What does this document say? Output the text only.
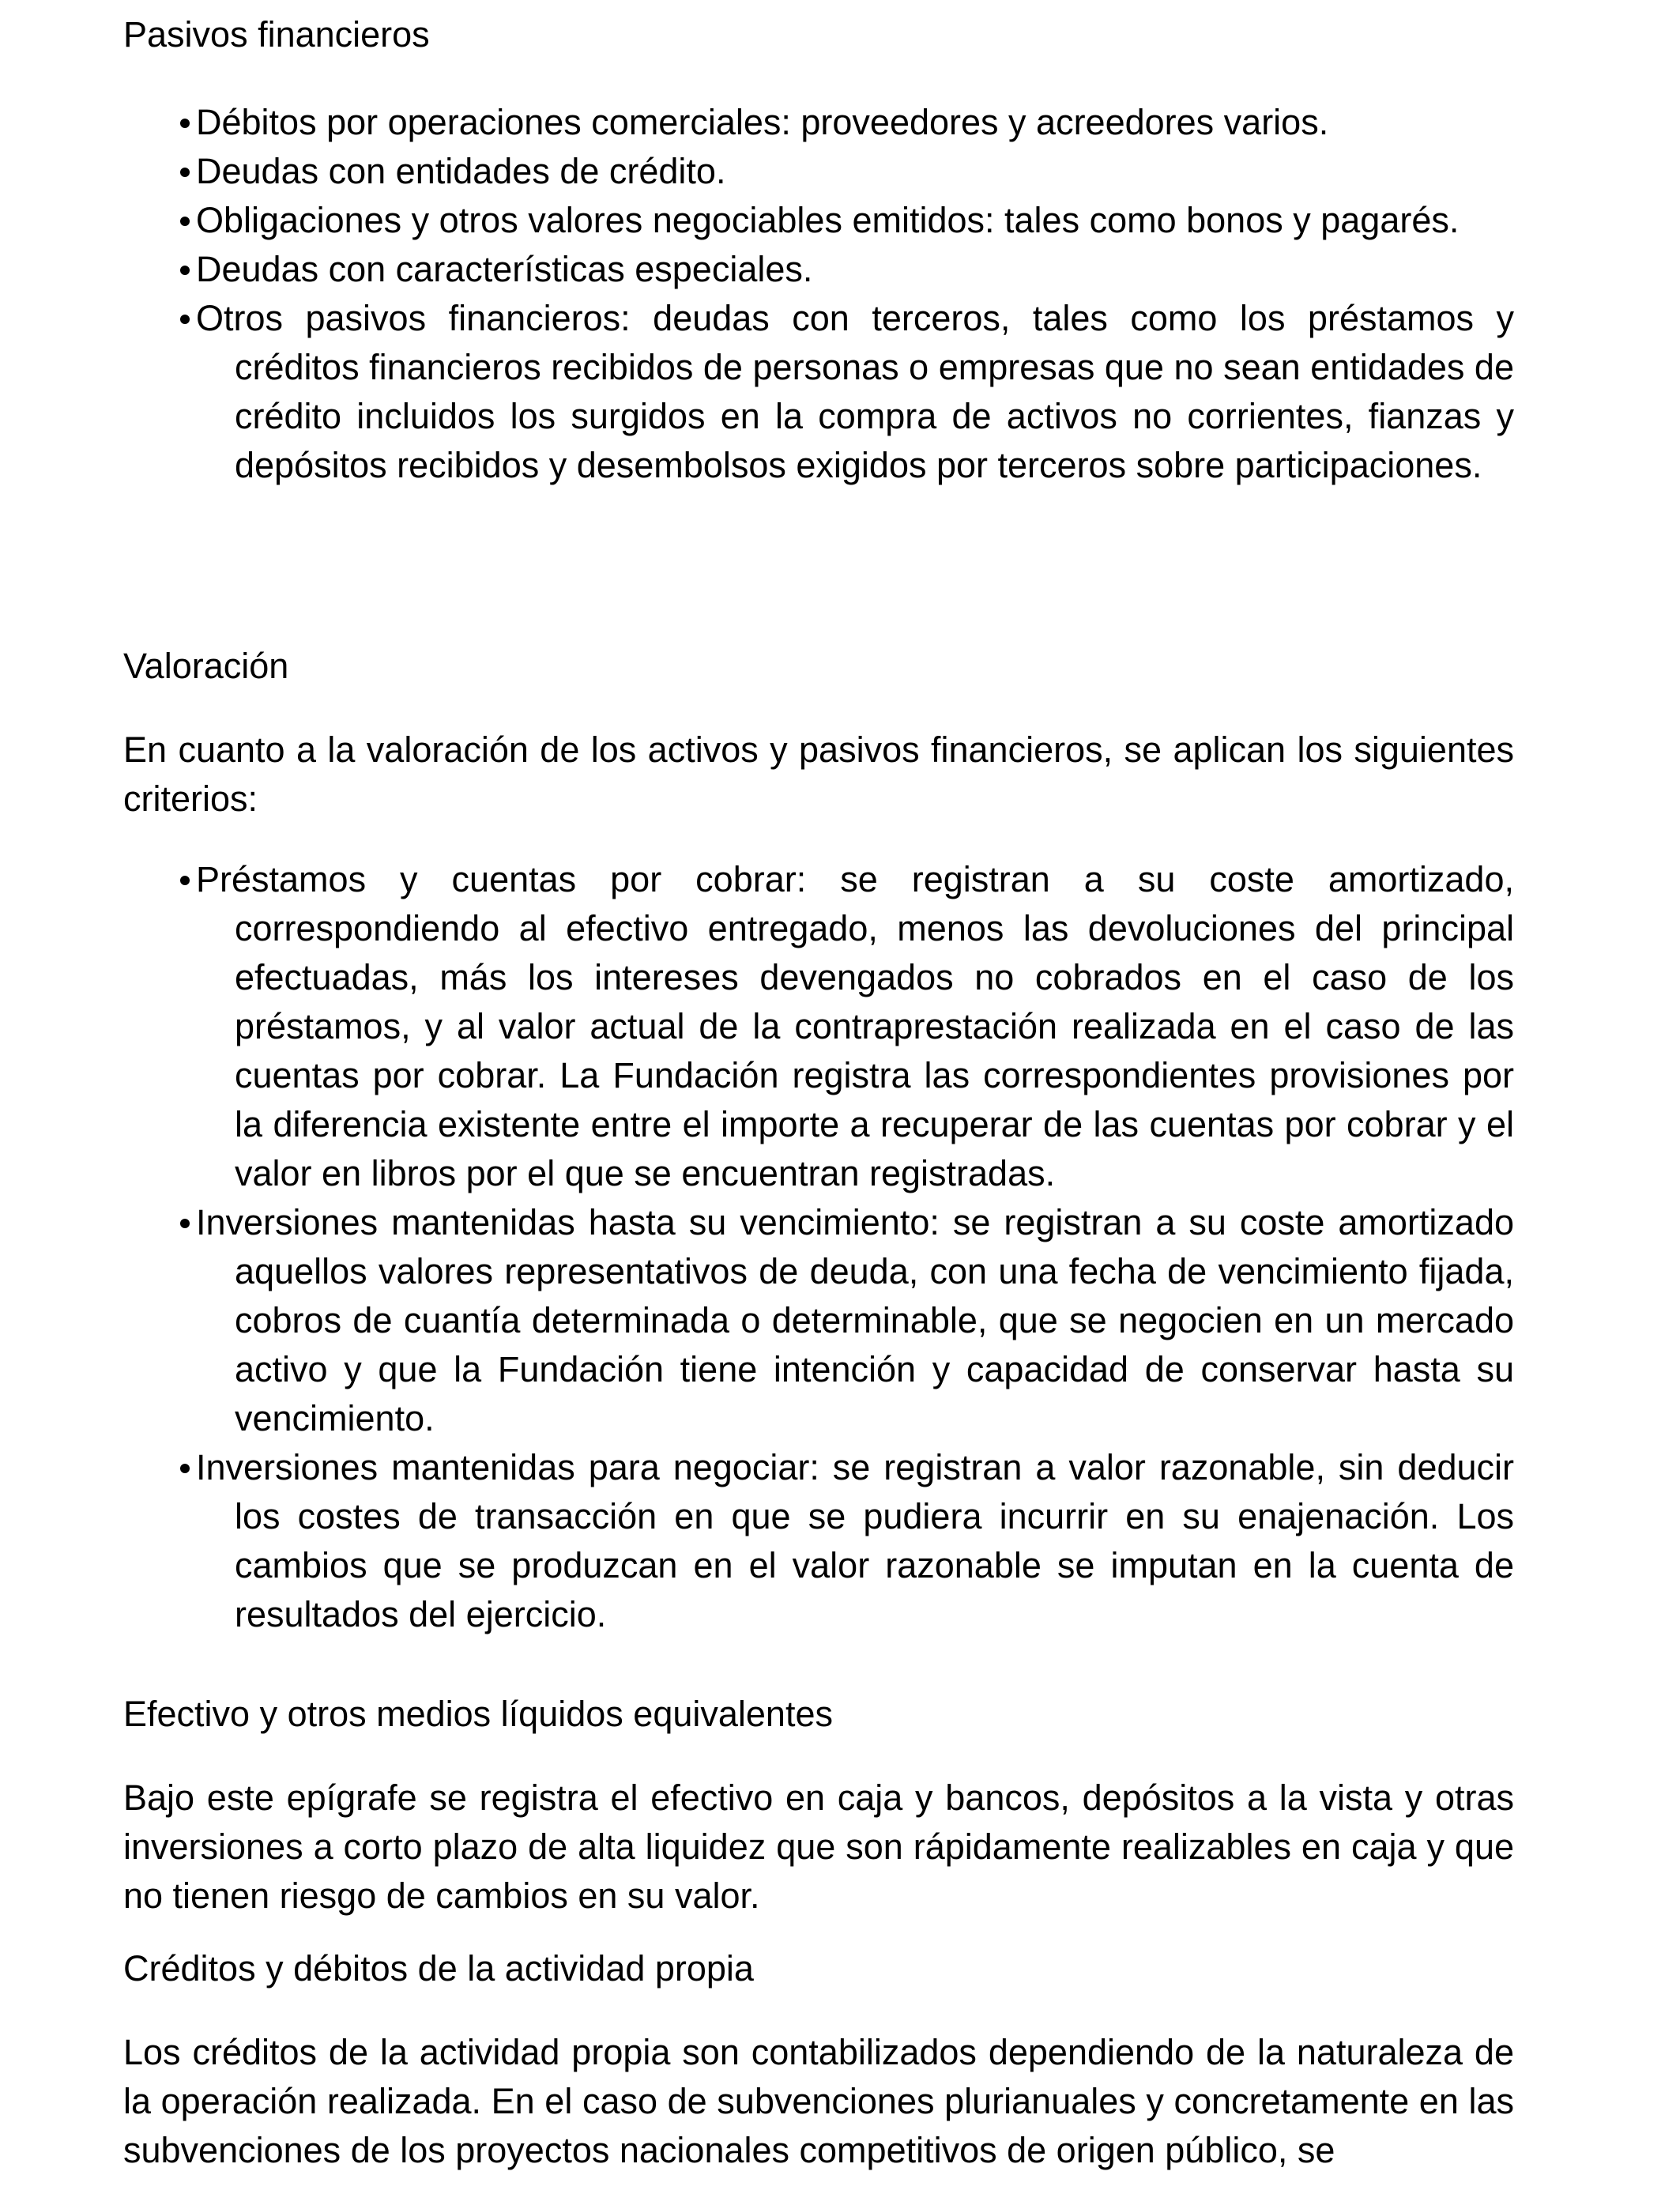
Pasivos financieros
Débitos por operaciones comerciales: proveedores y acreedores varios.
Deudas con entidades de crédito.
Obligaciones y otros valores negociables emitidos: tales como bonos y pagarés.
Deudas con características especiales.
Otros pasivos financieros: deudas con terceros, tales como los préstamos y créditos financieros recibidos de personas o empresas que no sean entidades de crédito incluidos los surgidos en la compra de activos no corrientes, fianzas y depósitos recibidos y desembolsos exigidos por terceros sobre participaciones.
Valoración

En cuanto a la valoración de los activos y pasivos financieros, se aplican los siguientes criterios:

Préstamos y cuentas por cobrar: se registran a su coste amortizado, correspondiendo al efectivo entregado, menos las devoluciones del principal efectuadas, más los intereses devengados no cobrados en el caso de los préstamos, y al valor actual de la contraprestación realizada en el caso de las cuentas por cobrar. La Fundación registra las correspondientes provisiones por la diferencia existente entre el importe a recuperar de las cuentas por cobrar y el valor en libros por el que se encuentran registradas.
Inversiones mantenidas hasta su vencimiento: se registran a su coste amortizado aquellos valores representativos de deuda, con una fecha de vencimiento fijada, cobros de cuantía determinada o determinable, que se negocien en un mercado activo y que la Fundación tiene intención y capacidad de conservar hasta su vencimiento.
Inversiones mantenidas para negociar: se registran a valor razonable, sin deducir los costes de transacción en que se pudiera incurrir en su enajenación. Los cambios que se produzcan en el valor razonable se imputan en la cuenta de resultados del ejercicio.
Efectivo y otros medios líquidos equivalentes

Bajo este epígrafe se registra el efectivo en caja y bancos, depósitos a la vista y otras inversiones a corto plazo de alta liquidez que son rápidamente realizables en caja y que no tienen riesgo de cambios en su valor.

Créditos y débitos de la actividad propia

Los créditos de la actividad propia son contabilizados dependiendo de la naturaleza de la operación realizada. En el caso de subvenciones plurianuales y concretamente en las subvenciones de los proyectos nacionales competitivos de origen público, se
